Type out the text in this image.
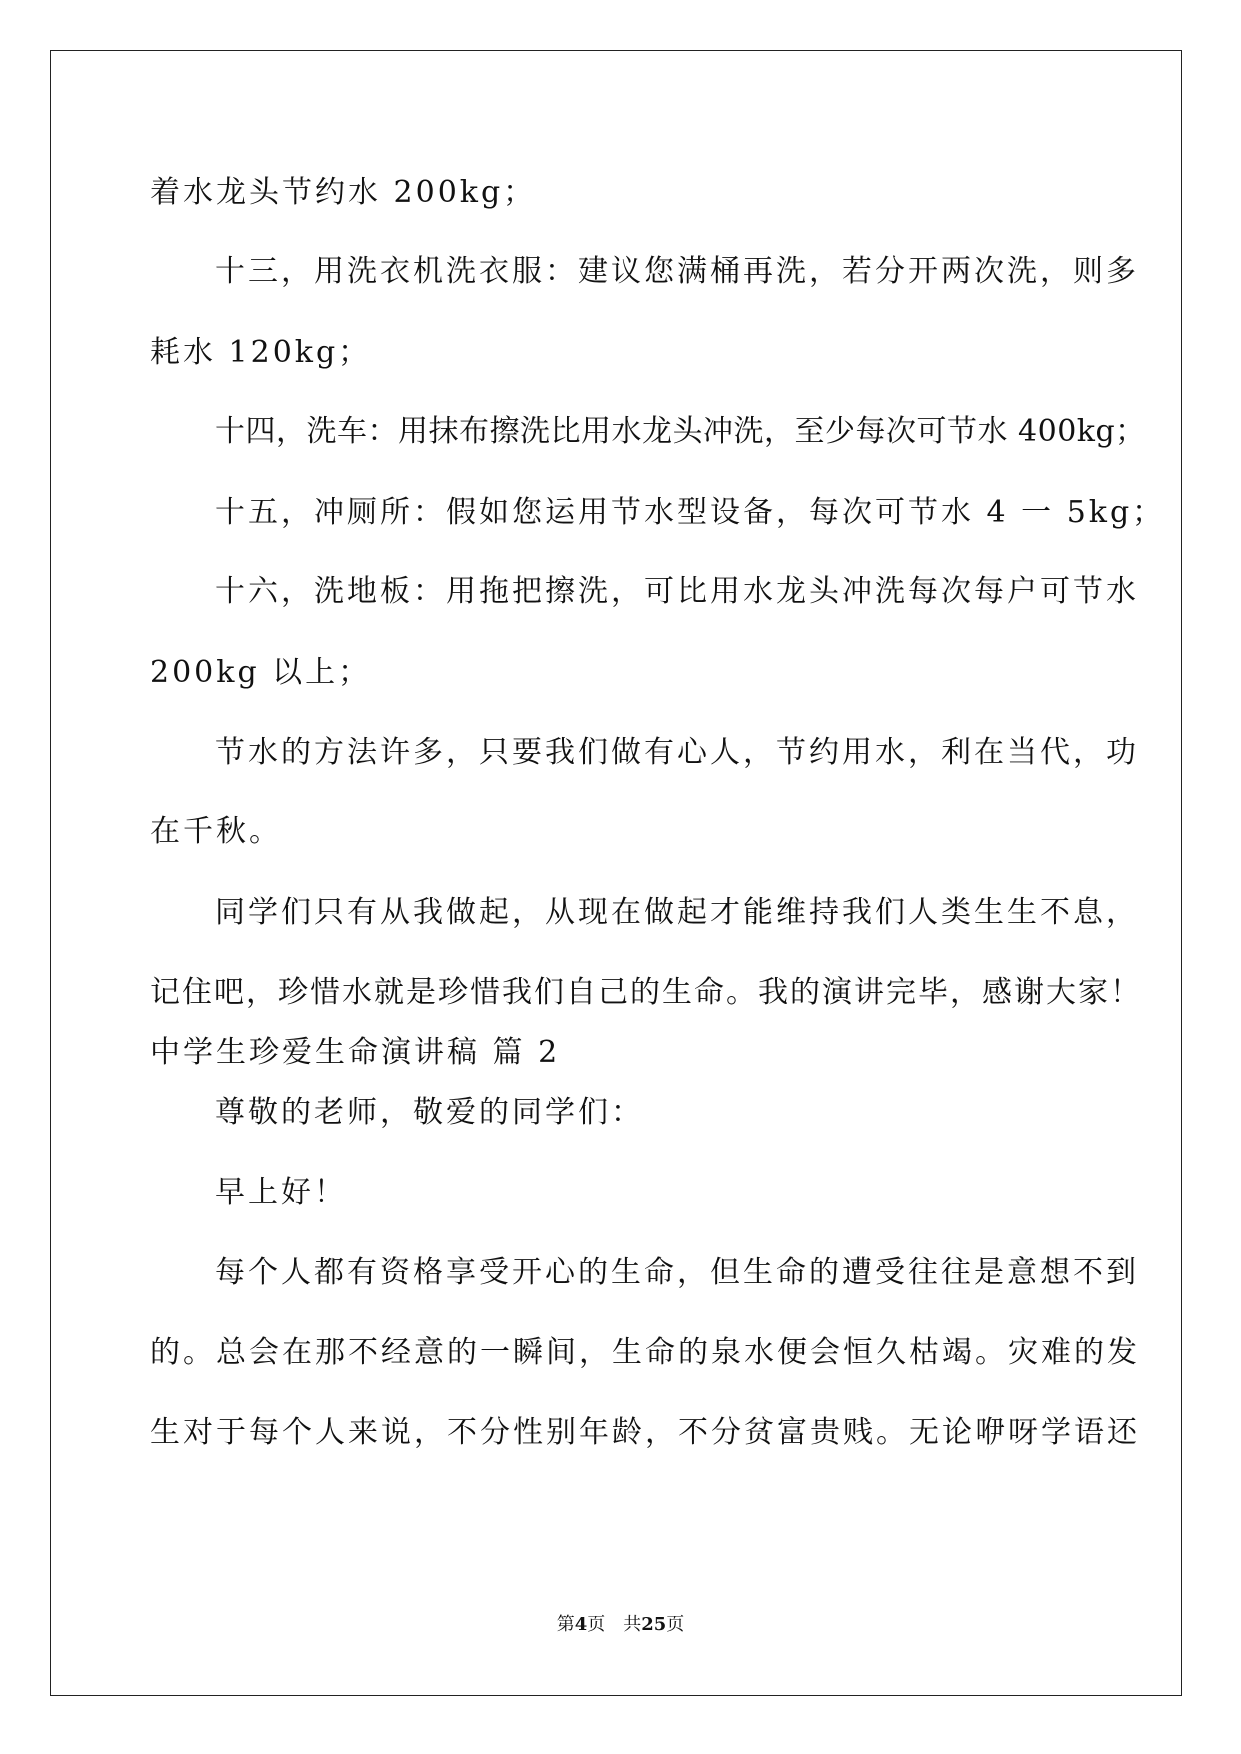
着水龙头节约水 200kg；
十三，用洗衣机洗衣服：建议您满桶再洗，若分开两次洗，则多
耗水 120kg；
十四，洗车：用抹布擦洗比用水龙头冲洗，至少每次可节水 400kg；
十五，冲厕所：假如您运用节水型设备，每次可节水 4 一 5kg；
十六，洗地板：用拖把擦洗，可比用水龙头冲洗每次每户可节水
200kg 以上；
节水的方法许多，只要我们做有心人，节约用水，利在当代，功
在千秋。
同学们只有从我做起，从现在做起才能维持我们人类生生不息，
记住吧，珍惜水就是珍惜我们自己的生命。我的演讲完毕，感谢大家！
中学生珍爱生命演讲稿 篇 2
尊敬的老师，敬爱的同学们：
早上好！
每个人都有资格享受开心的生命，但生命的遭受往往是意想不到
的。总会在那不经意的一瞬间，生命的泉水便会恒久枯竭。灾难的发
生对于每个人来说，不分性别年龄，不分贫富贵贱。无论咿呀学语还
第4页　共25页
